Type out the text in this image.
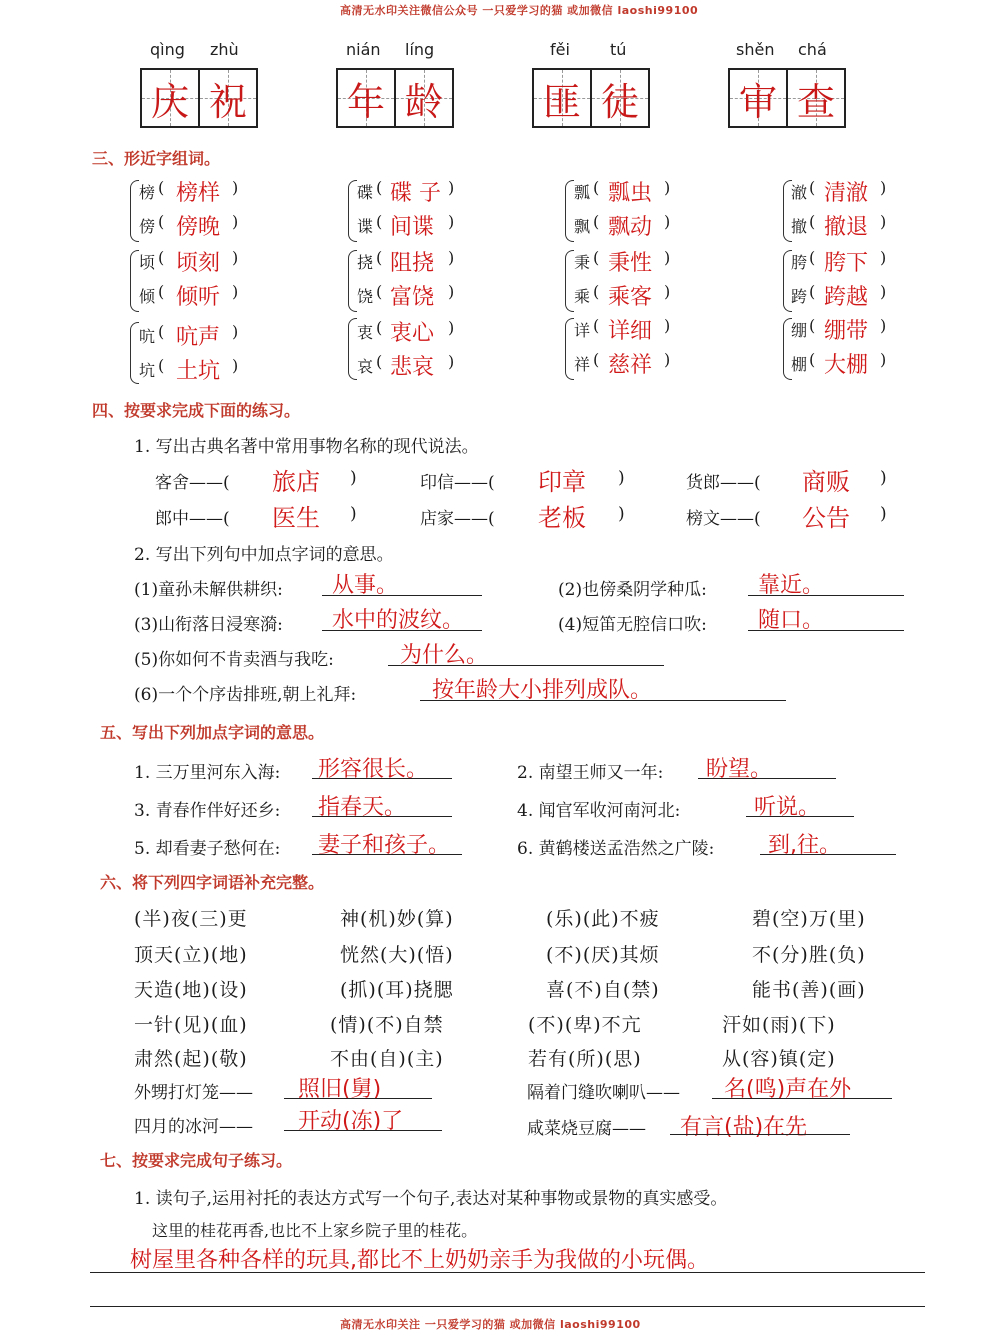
高清无水印关注微信公众号 一只爱学习的猫 或加微信 laoshi99100
qìng zhù
庆 祝
nián líng
年 龄
fěi	tú
匪 徒
shěn chá
审 查
三、形近字组词。
榜 ( 榜样 )
傍 ( 傍晚 )
碟 ( 碟 子 )
谍 ( 间谍 )
瓢 ( 瓢虫 )
飘 ( 飘动 )
澈 ( 清澈 )
撤 ( 撤退 )
顷 ( 顷刻 )
倾 ( 倾听 )
挠 ( 阻挠 )
饶 ( 富饶 )
秉 ( 秉性 )
乘 ( 乘客 )
胯 ( 胯下 )
跨 ( 跨越 )
吭 ( 吭声 )
坑 ( 土坑 )
衷 ( 衷心 )
哀 ( 悲哀 )
详 ( 详细 )
祥 ( 慈祥 )
绷 ( 绷带 )
棚 ( 大棚 )
四、按要求完成下面的练习。
1. 写出古典名著中常用事物名称的现代说法。
客舍——( 旅店 )	印信——( 印章 )	货郎——( 商贩 )
郎中——( 医生 )	店家——( 老板 )	榜文——( 公告 )
2. 写出下列句中加点字词的意思。
(1)童孙未解供耕织: 从事。	(2)也傍桑阴学种瓜: 靠近。
(3)山衔落日浸寒漪: 水中的波纹。	(4)短笛无腔信口吹: 随口。
(5)你如何不肯卖酒与我吃:	为什么。
(6)一个个序齿排班,朝上礼拜:	按年龄大小排列成队。
五、写出下列加点字词的意思。
1. 三万里河东入海: 形容很长。	2. 南望王师又一年: 盼望。
3. 青春作伴好还乡: 指春天。	4. 闻官军收河南河北:	听说。
5. 却看妻子愁何在: 妻子和孩子。	6. 黄鹤楼送孟浩然之广陵: 到,往。
六、将下列四字词语补充完整。
(半)夜(三)更	神(机)妙(算)	(乐)(此)不疲	碧(空)万(里)
顶天(立)(地)	恍然(大)(悟)	(不)(厌)其烦	不(分)胜(负)
天造(地)(设)	(抓)(耳)挠腮	喜(不)自(禁)	能书(善)(画)
一针(见)(血)	(情)(不)自禁	(不)(卑)不亢	汗如(雨)(下)
肃然(起)(敬)	不由(自)(主)	若有(所)(思)	从(容)镇(定)
外甥打灯笼—— 照旧(舅)	隔着门缝吹喇叭—— 名(鸣)声在外
四月的冰河—— 开动(冻)了	咸菜烧豆腐—— 有言(盐)在先
七、按要求完成句子练习。
1. 读句子,运用衬托的表达方式写一个句子,表达对某种事物或景物的真实感受。
这里的桂花再香,也比不上家乡院子里的桂花。
树屋里各种各样的玩具,都比不上奶奶亲手为我做的小玩偶。
高清无水印关注 一只爱学习的猫 或加微信 laoshi99100
